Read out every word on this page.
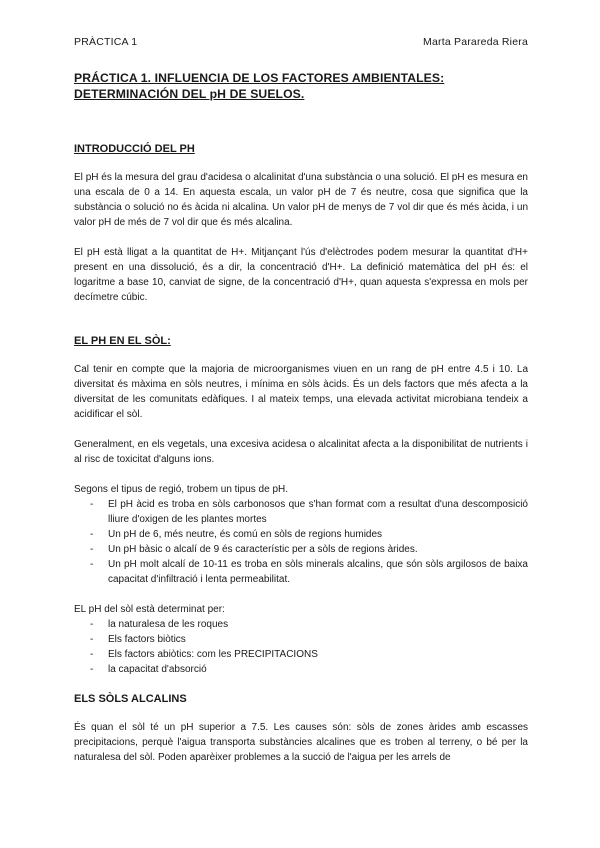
PRÀCTICA 1	Marta Parareda Riera
PRÁCTICA 1. INFLUENCIA DE LOS FACTORES AMBIENTALES:
DETERMINACIÓN DEL pH DE SUELOS.
INTRODUCCIÓ DEL PH

El pH és la mesura del grau d'acidesa o alcalinitat d'una substància o una solució. El pH es mesura en una escala de 0 a 14. En aquesta escala, un valor pH de 7 és neutre, cosa que significa que la substància o solució no és àcida ni alcalina. Un valor pH de menys de 7 vol dir que és més àcida, i un valor pH de més de 7 vol dir que és més alcalina.

El pH està lligat a la quantitat de H+. Mitjançant l'ús d'elèctrodes podem mesurar la quantitat d'H+ present en una dissolució, és a dir, la concentració d'H+. La definició matemàtica del pH és: el logaritme a base 10, canviat de signe, de la concentració d'H+, quan aquesta s'expressa en mols per decímetre cúbic.

EL PH EN EL SÒL:

Cal tenir en compte que la majoria de microorganismes viuen en un rang de pH entre 4.5 i 10. La diversitat és màxima en sòls neutres, i mínima en sòls àcids. És un dels factors que més afecta a la diversitat de les comunitats edàfiques. I al mateix temps, una elevada activitat microbiana tendeix a acidificar el sòl.

Generalment, en els vegetals, una excesiva acidesa o alcalinitat afecta a la disponibilitat de nutrients i al risc de toxicitat d'alguns ions.

Segons el tipus de regió, trobem un tipus de pH.

- El pH àcid es troba en sòls carbonosos que s'han format com a resultat d'una descomposició lliure d'oxigen de les plantes mortes
- Un pH de 6, més neutre, és comú en sòls de regions humides
- Un pH bàsic o alcalí de 9 és característic per a sòls de regions àrides.
- Un pH molt alcalí de 10-11 es troba en sòls minerals alcalins, que són sòls argilosos de baixa capacitat d'infiltració i lenta permeabilitat.

EL pH del sòl està determinat per:

- la naturalesa de les roques
- Els factors biòtics
- Els factors abiòtics: com les PRECIPITACIONS
- la capacitat d'absorció
ELS SÒLS ALCALINS

És quan el sòl té un pH superior a 7.5. Les causes són: sòls de zones àrides amb escasses precipitacions, perquè l'aigua transporta substàncies alcalines que es troben al terreny, o bé per la naturalesa del sòl. Poden aparèixer problemes a la succió de l'aigua per les arrels de
